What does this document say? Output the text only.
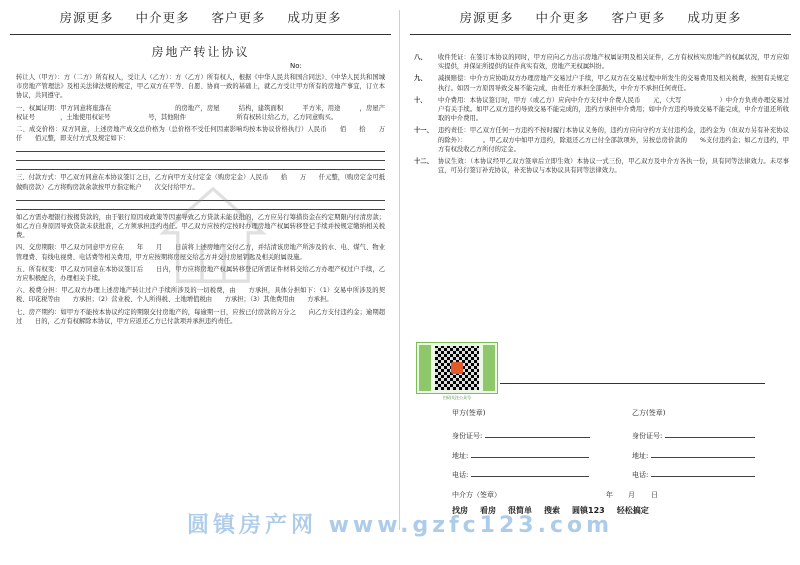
房源更多 中介更多 客户更多 成功更多
房地产转让协议
No:

转让人（甲方）：方（二方）所有权人，受让人（乙方）：方（乙方）所有权人，根据《中华人民共和国合同法》、《中华人民共和国城市房地产管理法》及相关法律法规的规定，甲乙双方在平等、自愿、协商一致的基础上，就乙方受让甲方所有的房地产事宜，订立本协议，共同遵守。

一、权属证明：甲方同意将座落在　　　　　　　　　　的房地产，房屋　　　结构，建筑面积　　　平方米，用途　　　，房屋产权证号　　　　，土地使用权证号　　　　　　号，其他附件　　　　　　　　所有权转让给乙方，乙方同意购买。

二、成交价格：双方同意，上述房地产成交总价格为（总价格不受任何因素影响均按本协议价格执行）人民币　　佰　　拾　　万　　仟　　佰元整，即支付方式及规定如下：

三、付款方式：甲乙双方同意在本协议签订之日，乙方向甲方支付定金（购房定金）人民币　　拾　　万　　仟元整，（购房定金可抵做购房款）乙方将购房款余款按甲方指定帐户　　次交付给甲方。

如乙方需办理银行按揭贷款的，由于银行原因或政策等因素导致乙方贷款未能获批的，乙方应另行筹措资金在约定期限内付清房款；如乙方自身原因导致贷款未获批准，乙方须承担违约责任。甲乙双方应按约定按时办理房地产权属转移登记手续并按规定缴纳相关税费。

四、交房期限：甲乙双方同意甲方应在　　年　　月　　日前将上述房地产交付乙方，并结清该房地产所涉及的水、电、煤气、物业管理费、有线电视费、电话费等相关费用，甲方应按期将房屋交给乙方并交付房屋钥匙及相关附属设施。

五、所有权变：甲乙双方同意在本协议签订后　　日内，甲方应将房地产权属转移登记所需证件材料交给乙方办理产权过户手续，乙方应积极配合，办理相关手续。

六、税费分担：甲乙双方办理上述房地产转让过户手续所涉及的一切税费，由　　方承担，具体分担如下：（1）交易中所涉及的契税、印花税等由　　方承担；（2）营业税、个人所得税、土地增值税由　　方承担；（3）其他费用由　　方承担。

七、房产期约：如甲方不能按本协议约定的期限交付房地产的，每逾期一日，应按已付房款的万分之　　向乙方支付违约金；逾期超过　　日的，乙方有权解除本协议，甲方应返还乙方已付款项并承担违约责任。

房源更多 中介更多 客户更多 成功更多
八、	收件凭证：在签订本协议的同时，甲方应向乙方出示房地产权属证明及相关证件，乙方有权核实房地产的权属状况，甲方应如实提供，并保证所提供的证件真实有效，房地产无权属纠纷。
九、	减损赔偿：中介方应协助双方办理房地产交易过户手续，甲乙双方在交易过程中所发生的交易费用及相关税费，按照有关规定执行。如因一方原因导致交易不能完成，由责任方承担全部损失，中介方不承担任何责任。
十、	中介费用：本协议签订时，甲方（或乙方）应向中介方支付中介费人民币　　元，（大写　　　　　　）中介方负责办理交易过户有关手续。如甲乙双方违约导致交易不能完成的，违约方承担中介费用；如中介方违约导致交易不能完成，中介方退还所收取的中介费用。
十一、 违约责任：甲乙双方任何一方违约不按时履行本协议义务的，违约方应向守约方支付违约金，违约金为（但双方另有补充协议的除外）：　　　。甲乙双方中如甲方违约，除退还乙方已付全部款项外，另按总房价款的　　%支付违约金；如乙方违约，甲方有权没收乙方所付的定金。
十二、 协议生效：（本协议经甲乙双方签章后立即生效）本协议一式三份，甲乙双方及中介方各执一份，具有同等法律效力。未尽事宜，可另行签订补充协议，补充协议与本协议具有同等法律效力。
扫码关注公众号
甲方(签章)	乙方(签章)
身份证号:	身份证号:
地址:	地址:
电话:	电话:
中介方（签章）	年 月 日
找房 看房 很简单 搜索 圆镇123 轻松搞定
圆镇房产网 www.gzfc123.com
